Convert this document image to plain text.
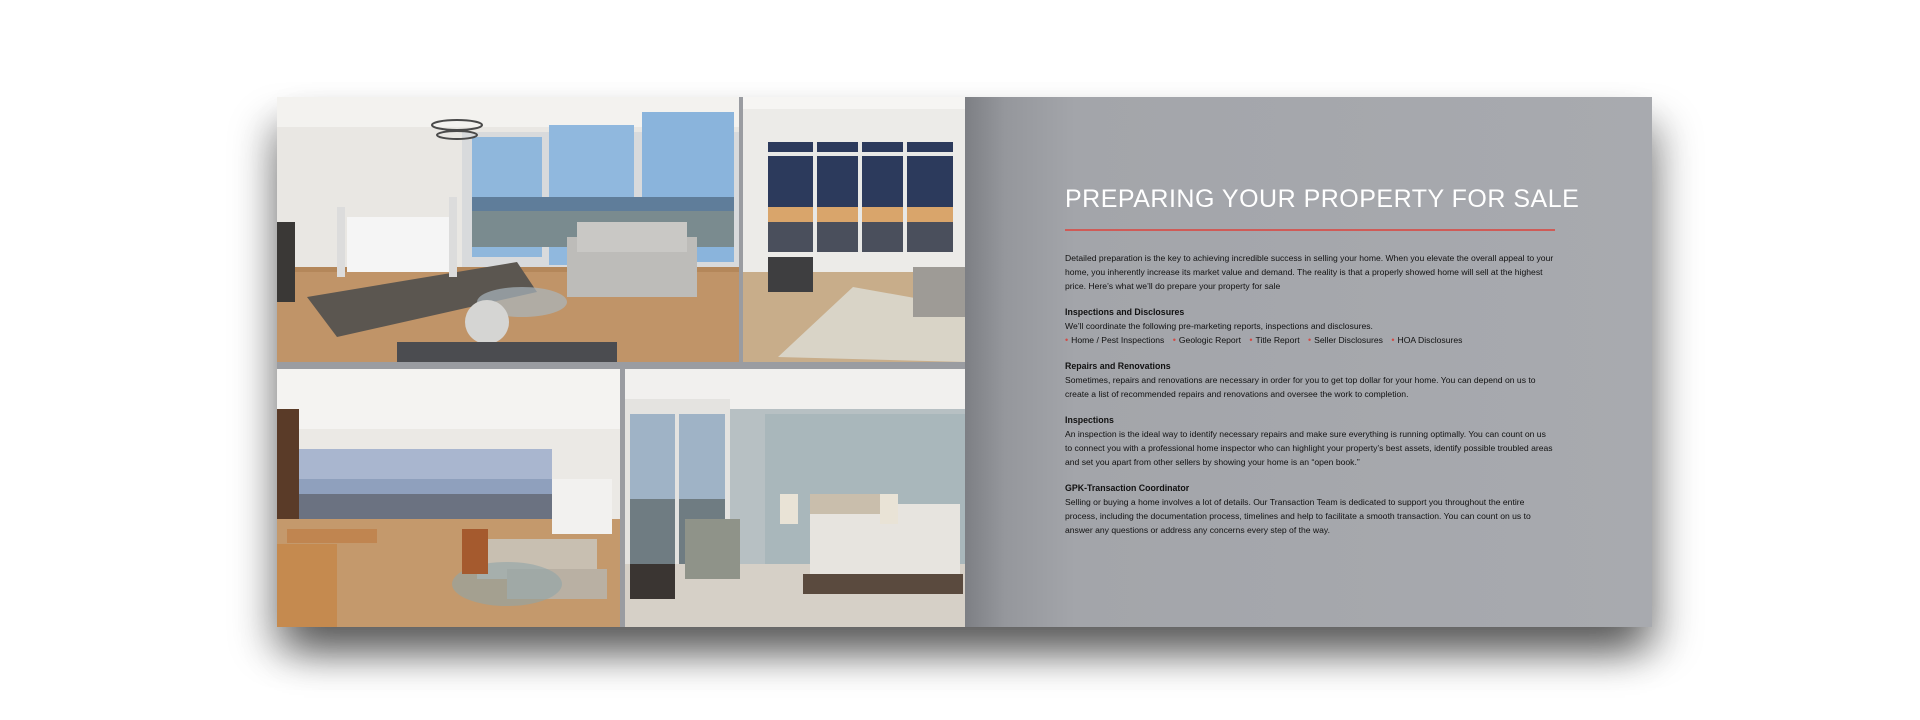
PREPARING YOUR PROPERTY FOR SALE

Detailed preparation is the key to achieving incredible success in selling your home. When you elevate the overall appeal to your home, you inherently increase its market value and demand. The reality is that a properly showed home will sell at the highest price. Here’s what we’ll do prepare your property for sale

Inspections and Disclosures

We’ll coordinate the following pre-marketing reports, inspections and disclosures.

• Home / Pest Inspections • Geologic Report • Title Report • Seller Disclosures • HOA Disclosures
Repairs and Renovations

Sometimes, repairs and renovations are necessary in order for you to get top dollar for your home. You can depend on us to create a list of recommended repairs and renovations and oversee the work to completion.

Inspections

An inspection is the ideal way to identify necessary repairs and make sure everything is running optimally. You can count on us to connect you with a professional home inspector who can highlight your property’s best assets, identify possible troubled areas and set you apart from other sellers by showing your home is an “open book.”

GPK-Transaction Coordinator

Selling or buying a home involves a lot of details. Our Transaction Team is dedicated to support you throughout the entire process, including the documentation process, timelines and help to facilitate a smooth transaction. You can count on us to answer any questions or address any concerns every step of the way.
